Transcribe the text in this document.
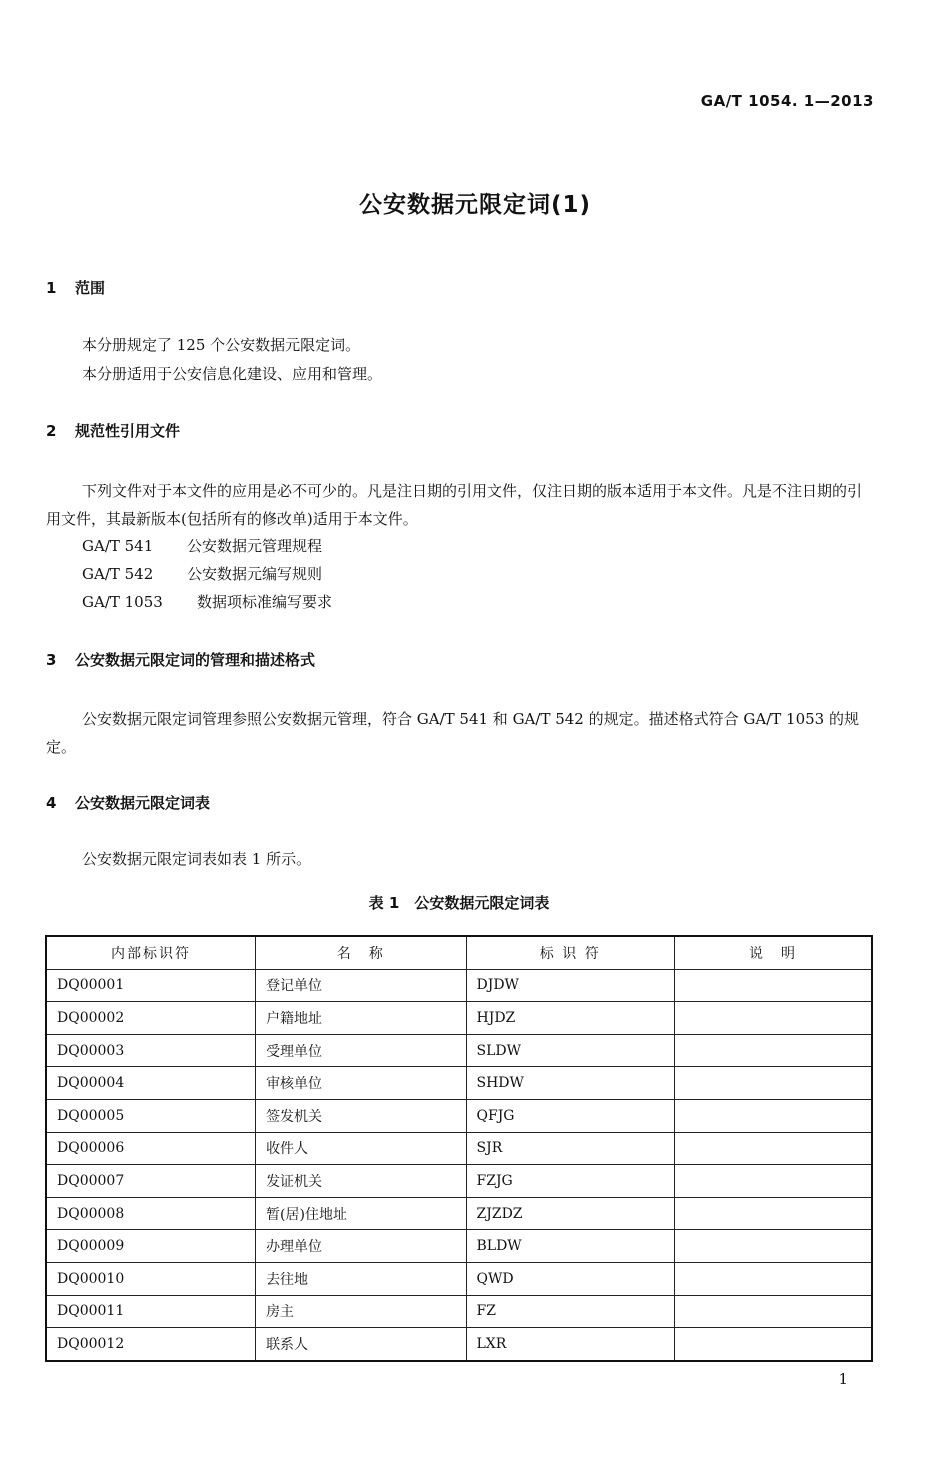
GA/T 1054. 1—2013
公安数据元限定词(1)
1 范围
本分册规定了 125 个公安数据元限定词。
本分册适用于公安信息化建设、应用和管理。
2 规范性引用文件
下列文件对于本文件的应用是必不可少的。凡是注日期的引用文件，仅注日期的版本适用于本文件。凡是不注日期的引用文件，其最新版本(包括所有的修改单)适用于本文件。
GA/T 541 公安数据元管理规程
GA/T 542 公安数据元编写规则
GA/T 1053 数据项标准编写要求
3 公安数据元限定词的管理和描述格式
公安数据元限定词管理参照公安数据元管理，符合 GA/T 541 和 GA/T 542 的规定。描述格式符合 GA/T 1053 的规定。
4 公安数据元限定词表
公安数据元限定词表如表 1 所示。
表 1　公安数据元限定词表
内部标识符	名　称	标 识 符	说　明
DQ00001	登记单位	DJDW	
DQ00002	户籍地址	HJDZ	
DQ00003	受理单位	SLDW	
DQ00004	审核单位	SHDW	
DQ00005	签发机关	QFJG	
DQ00006	收件人	SJR	
DQ00007	发证机关	FZJG	
DQ00008	暂(居)住地址	ZJZDZ	
DQ00009	办理单位	BLDW	
DQ00010	去往地	QWD	
DQ00011	房主	FZ	
DQ00012	联系人	LXR	
1
